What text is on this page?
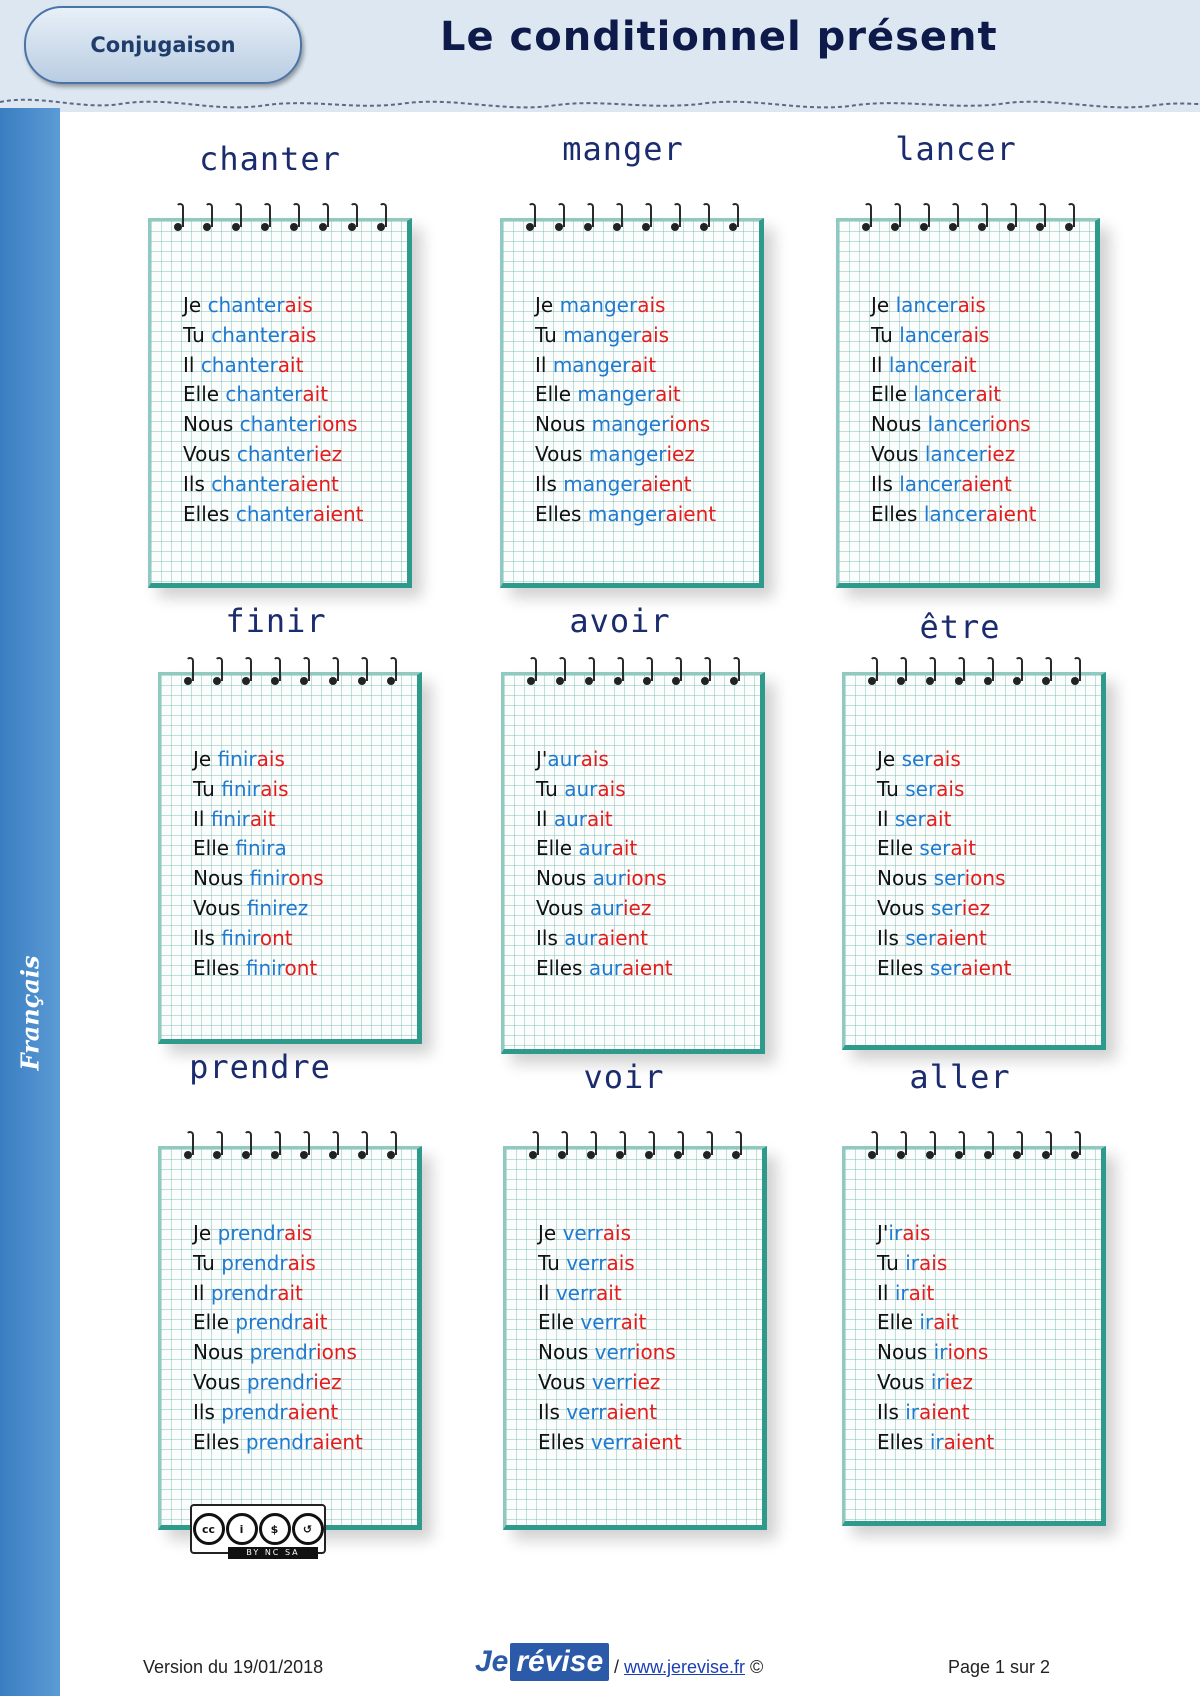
Conjugaison	Le conditionnel présent
Français
chanter
Je chanterais
Tu chanterais
Il chanterait
Elle chanterait
Nous chanterions
Vous chanteriez
Ils chanteraient
Elles chanteraient
manger
Je mangerais
Tu mangerais
Il mangerait
Elle mangerait
Nous mangerions
Vous mangeriez
Ils mangeraient
Elles mangeraient
lancer
Je lancerais
Tu lancerais
Il lancerait
Elle lancerait
Nous lancerions
Vous lanceriez
Ils lanceraient
Elles lanceraient
finir
Je finirais
Tu finirais
Il finirait
Elle finira
Nous finirons
Vous finirez
Ils finiront
Elles finiront
avoir
J'aurais
Tu aurais
Il aurait
Elle aurait
Nous aurions
Vous auriez
Ils auraient
Elles auraient
être
Je serais
Tu serais
Il serait
Elle serait
Nous serions
Vous seriez
Ils seraient
Elles seraient
prendre
Je prendrais
Tu prendrais
Il prendrait
Elle prendrait
Nous prendrions
Vous prendriez
Ils prendraient
Elles prendraient
voir
Je verrais
Tu verrais
Il verrait
Elle verrait
Nous verrions
Vous verriez
Ils verraient
Elles verraient
aller
J'irais
Tu irais
Il irait
Elle irait
Nous irions
Vous iriez
Ils iraient
Elles iraient
cc	i	$	↺
BY NC SA
Version du 19/01/2018	Je révise / www.jerevise.fr ©	Page 1 sur 2
